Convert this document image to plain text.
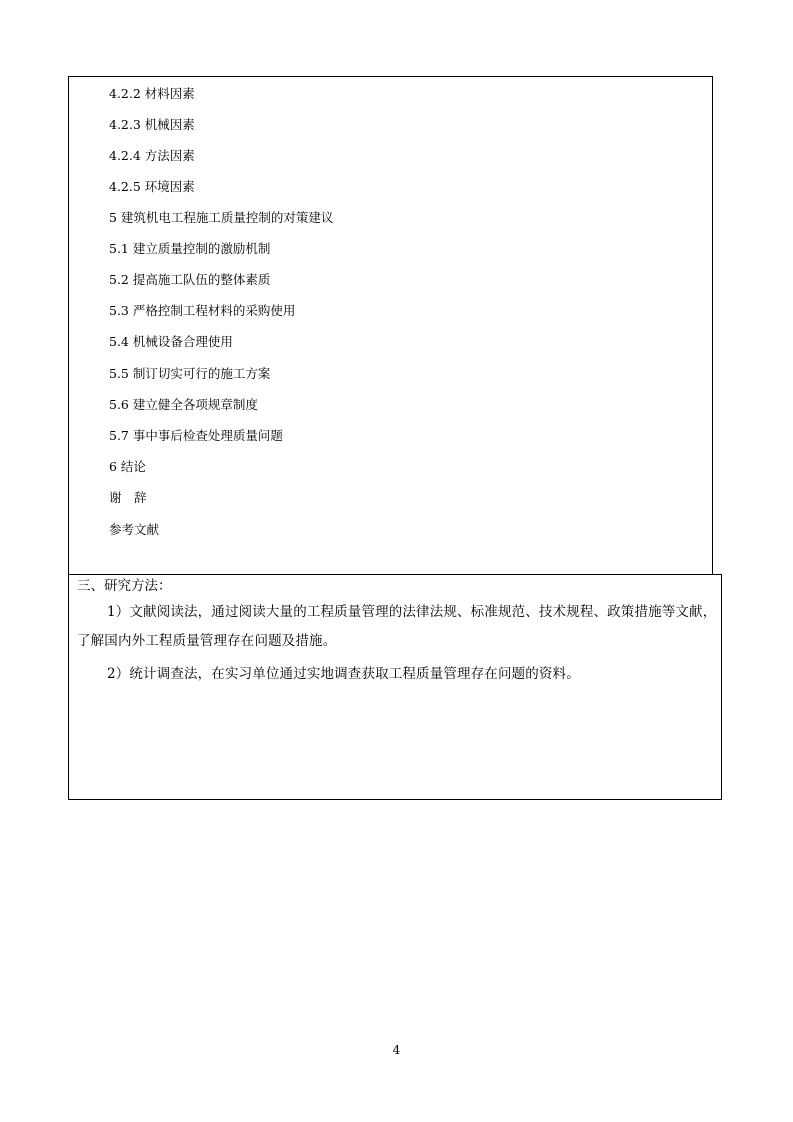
4.2.2 材料因素
4.2.3 机械因素
4.2.4 方法因素
4.2.5 环境因素
5 建筑机电工程施工质量控制的对策建议
5.1 建立质量控制的激励机制
5.2 提高施工队伍的整体素质
5.3 严格控制工程材料的采购使用
5.4 机械设备合理使用
5.5 制订切实可行的施工方案
5.6 建立健全各项规章制度
5.7 事中事后检查处理质量问题
6 结论
谢　辞
参考文献
三、研究方法：
1）文献阅读法，通过阅读大量的工程质量管理的法律法规、标准规范、技术规程、政策措施等文献，了解国内外工程质量管理存在问题及措施。
2）统计调查法，在实习单位通过实地调查获取工程质量管理存在问题的资料。
4
